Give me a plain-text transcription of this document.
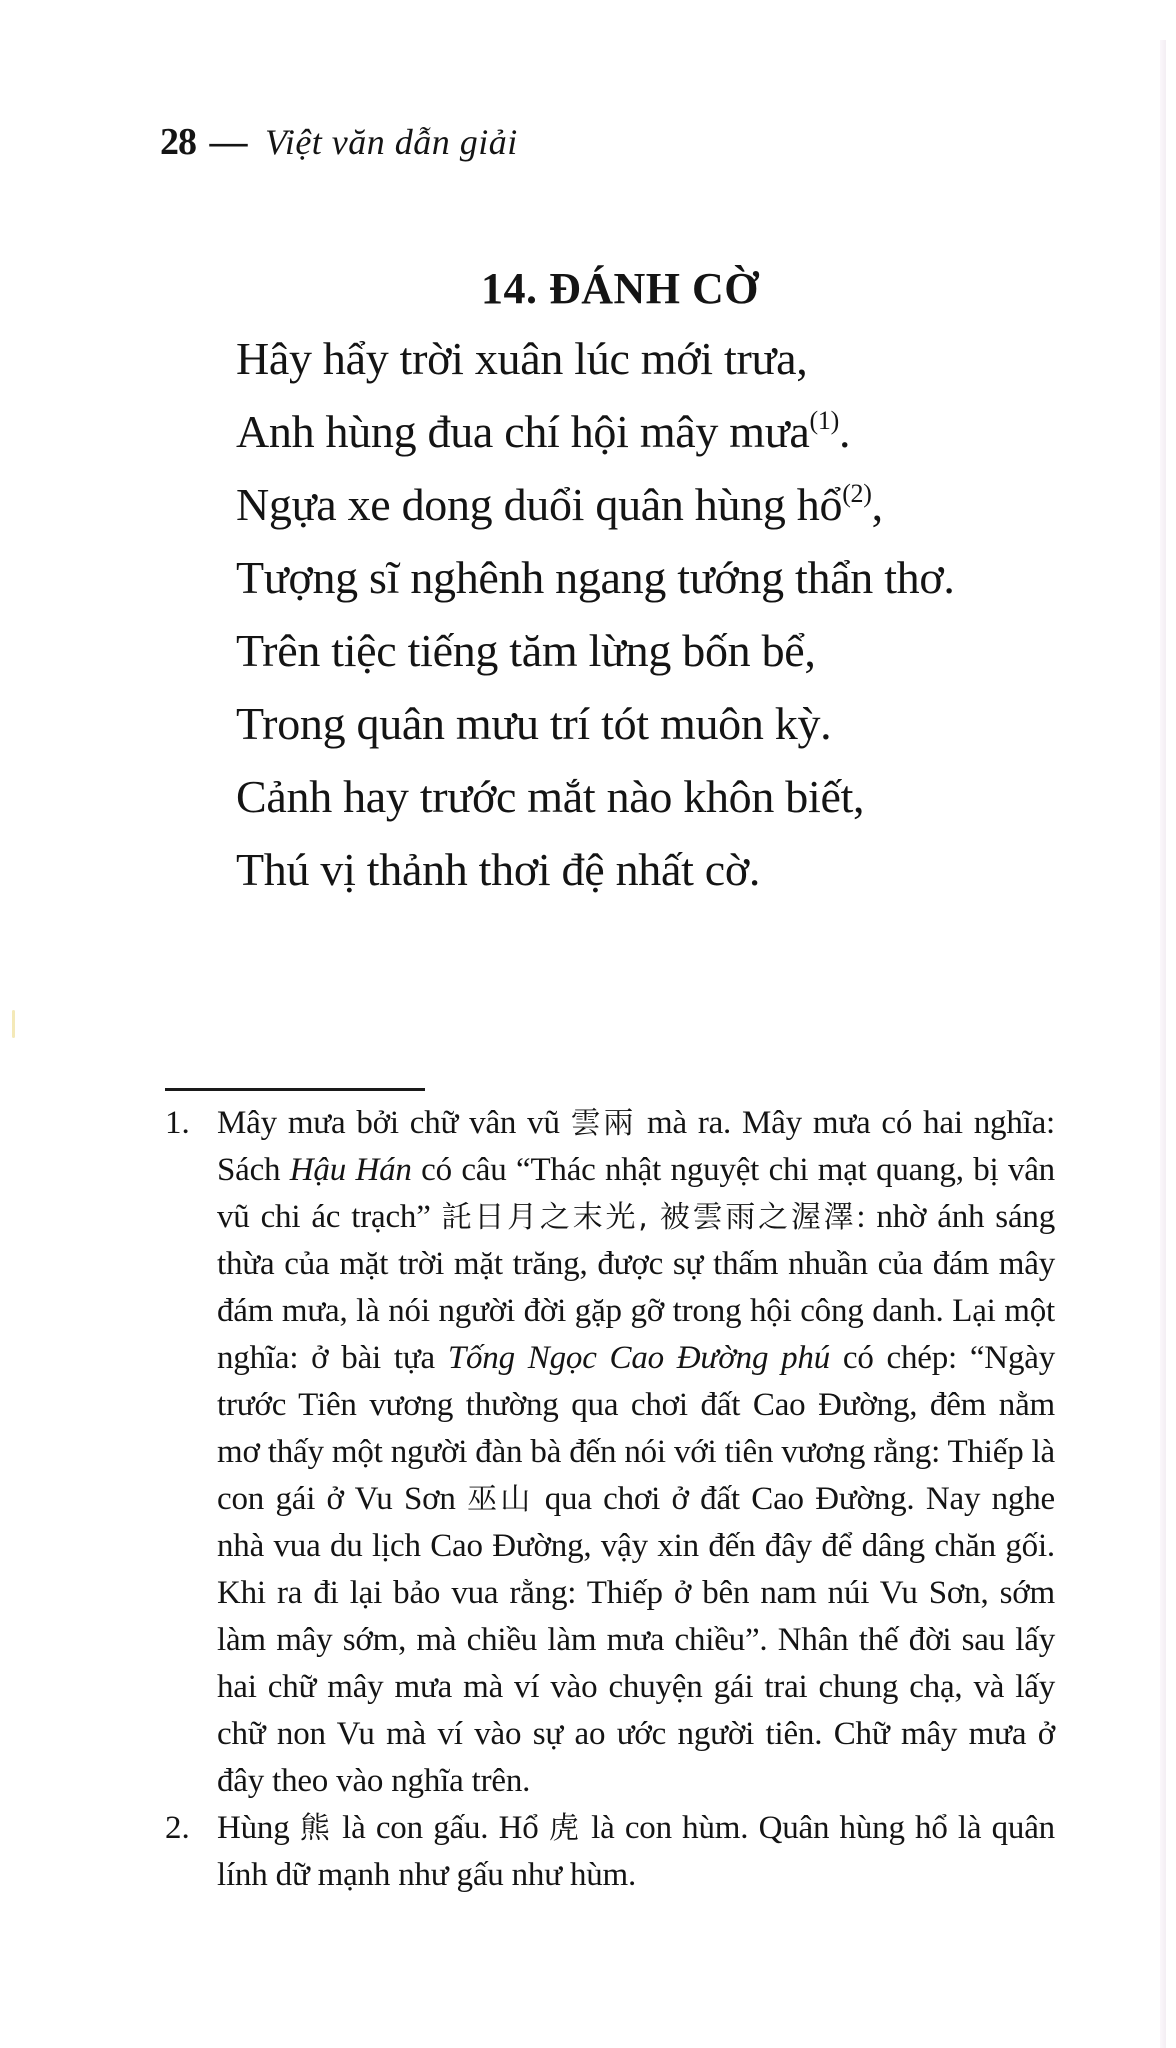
28 — Việt văn dẫn giải
14. ĐÁNH CỜ
Hây hẩy trời xuân lúc mới trưa,
Anh hùng đua chí hội mây mưa$^{(1)}$.
Ngựa xe dong duổi quân hùng hổ$^{(2)}$,
Tượng sĩ nghênh ngang tướng thẩn thơ.
Trên tiệc tiếng tăm lừng bốn bể,
Trong quân mưu trí tót muôn kỳ.
Cảnh hay trước mắt nào khôn biết,
Thú vị thảnh thơi đệ nhất cờ.
1. Mây mưa bởi chữ vân vũ 雲兩 mà ra. Mây mưa có hai nghĩa: Sách Hậu Hán có câu “Thác nhật nguyệt chi mạt quang, bị vân vũ chi ác trạch” 託日月之末光, 被雲雨之渥澤: nhờ ánh sáng thừa của mặt trời mặt trăng, được sự thấm nhuần của đám mây đám mưa, là nói người đời gặp gỡ trong hội công danh. Lại một nghĩa: ở bài tựa Tống Ngọc Cao Đường phú có chép: “Ngày trước Tiên vương thường qua chơi đất Cao Đường, đêm nằm mơ thấy một người đàn bà đến nói với tiên vương rằng: Thiếp là con gái ở Vu Sơn 巫山 qua chơi ở đất Cao Đường. Nay nghe nhà vua du lịch Cao Đường, vậy xin đến đây để dâng chăn gối. Khi ra đi lại bảo vua rằng: Thiếp ở bên nam núi Vu Sơn, sớm làm mây sớm, mà chiều làm mưa chiều”. Nhân thế đời sau lấy hai chữ mây mưa mà ví vào chuyện gái trai chung chạ, và lấy chữ non Vu mà ví vào sự ao ước người tiên. Chữ mây mưa ở đây theo vào nghĩa trên.
2. Hùng 熊 là con gấu. Hổ 虎 là con hùm. Quân hùng hổ là quân lính dữ mạnh như gấu như hùm.
